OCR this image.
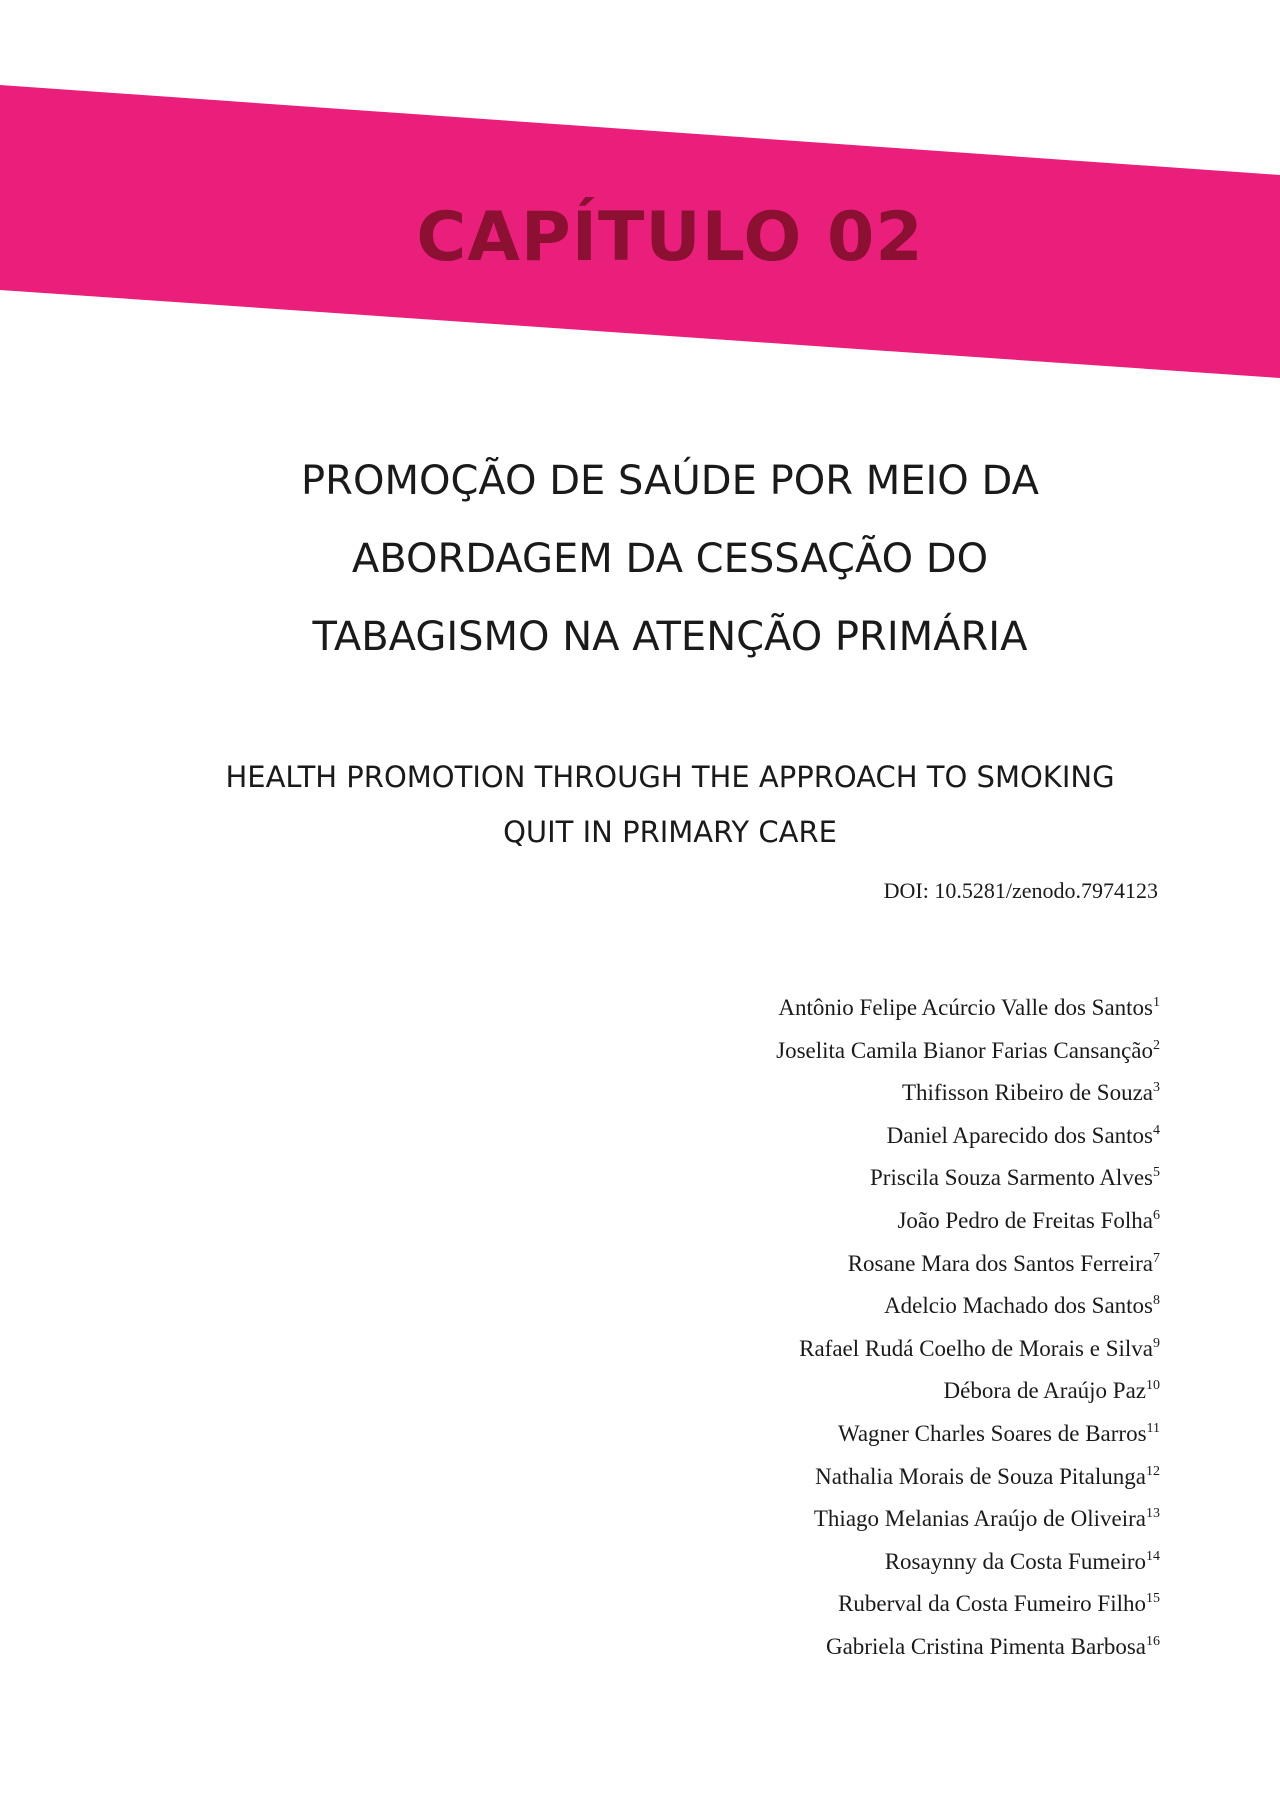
CAPÍTULO 02
PROMOÇÃO DE SAÚDE POR MEIO DA
ABORDAGEM DA CESSAÇÃO DO
TABAGISMO NA ATENÇÃO PRIMÁRIA
HEALTH PROMOTION THROUGH THE APPROACH TO SMOKING
QUIT IN PRIMARY CARE
DOI: 10.5281/zenodo.7974123
Antônio Felipe Acúrcio Valle dos Santos$^1$
Joselita Camila Bianor Farias Cansanção$^2$
Thifisson Ribeiro de Souza$^3$
Daniel Aparecido dos Santos$^4$
Priscila Souza Sarmento Alves$^5$
João Pedro de Freitas Folha$^6$
Rosane Mara dos Santos Ferreira$^7$
Adelcio Machado dos Santos$^8$
Rafael Rudá Coelho de Morais e Silva$^9$
Débora de Araújo Paz$^{10}$
Wagner Charles Soares de Barros$^{11}$
Nathalia Morais de Souza Pitalunga$^{12}$
Thiago Melanias Araújo de Oliveira$^{13}$
Rosaynny da Costa Fumeiro$^{14}$
Ruberval da Costa Fumeiro Filho$^{15}$
Gabriela Cristina Pimenta Barbosa$^{16}$
